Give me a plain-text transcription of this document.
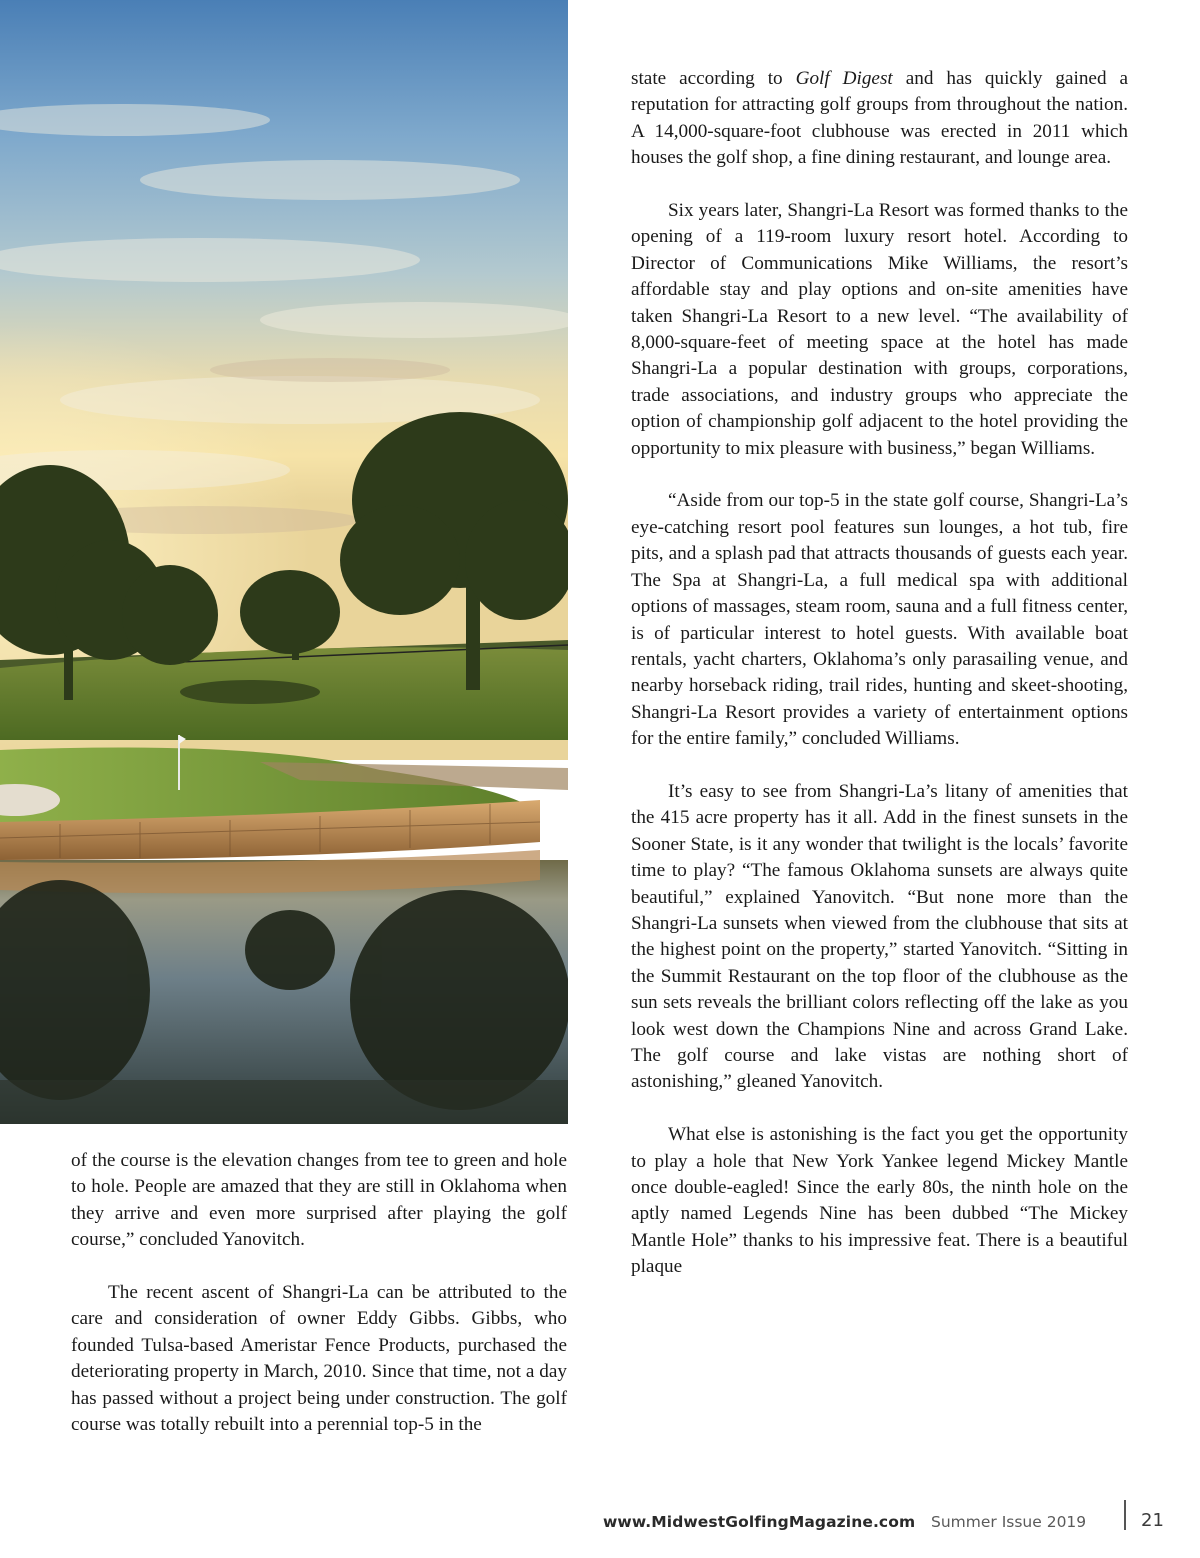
of the course is the elevation changes from tee to green and hole to hole. People are amazed that they are still in Oklahoma when they arrive and even more surprised after playing the golf course,” concluded Yanovitch.

The recent ascent of Shangri-La can be attributed to the care and consideration of owner Eddy Gibbs. Gibbs, who founded Tulsa-based Ameristar Fence Products, purchased the deteriorating property in March, 2010. Since that time, not a day has passed without a project being under construction. The golf course was totally rebuilt into a perennial top-5 in the

state according to Golf Digest and has quickly gained a reputation for attracting golf groups from throughout the nation. A 14,000-square-foot clubhouse was erected in 2011 which houses the golf shop, a fine dining restaurant, and lounge area.

Six years later, Shangri-La Resort was formed thanks to the opening of a 119-room luxury resort hotel. According to Director of Communications Mike Williams, the resort’s affordable stay and play options and on-site amenities have taken Shangri-La Resort to a new level. “The availability of 8,000-square-feet of meeting space at the hotel has made Shangri-La a popular destination with groups, corporations, trade associations, and industry groups who appreciate the option of championship golf adjacent to the hotel providing the opportunity to mix pleasure with business,” began Williams.

“Aside from our top-5 in the state golf course, Shangri-La’s eye-catching resort pool features sun lounges, a hot tub, fire pits, and a splash pad that attracts thousands of guests each year. The Spa at Shangri-La, a full medical spa with additional options of massages, steam room, sauna and a full fitness center, is of particular interest to hotel guests. With available boat rentals, yacht charters, Oklahoma’s only parasailing venue, and nearby horseback riding, trail rides, hunting and skeet-shooting, Shangri-La Resort provides a variety of entertainment options for the entire family,” concluded Williams.

It’s easy to see from Shangri-La’s litany of amenities that the 415 acre property has it all. Add in the finest sunsets in the Sooner State, is it any wonder that twilight is the locals’ favorite time to play? “The famous Oklahoma sunsets are always quite beautiful,” explained Yanovitch. “But none more than the Shangri-La sunsets when viewed from the clubhouse that sits at the highest point on the property,” started Yanovitch. “Sitting in the Summit Restaurant on the top floor of the clubhouse as the sun sets reveals the brilliant colors reflecting off the lake as you look west down the Champions Nine and across Grand Lake. The golf course and lake vistas are nothing short of astonishing,” gleaned Yanovitch.

What else is astonishing is the fact you get the opportunity to play a hole that New York Yankee legend Mickey Mantle once double-eagled! Since the early 80s, the ninth hole on the aptly named Legends Nine has been dubbed “The Mickey Mantle Hole” thanks to his impressive feat. There is a beautiful plaque

www.MidwestGolfingMagazine.com Summer Issue 2019	21
